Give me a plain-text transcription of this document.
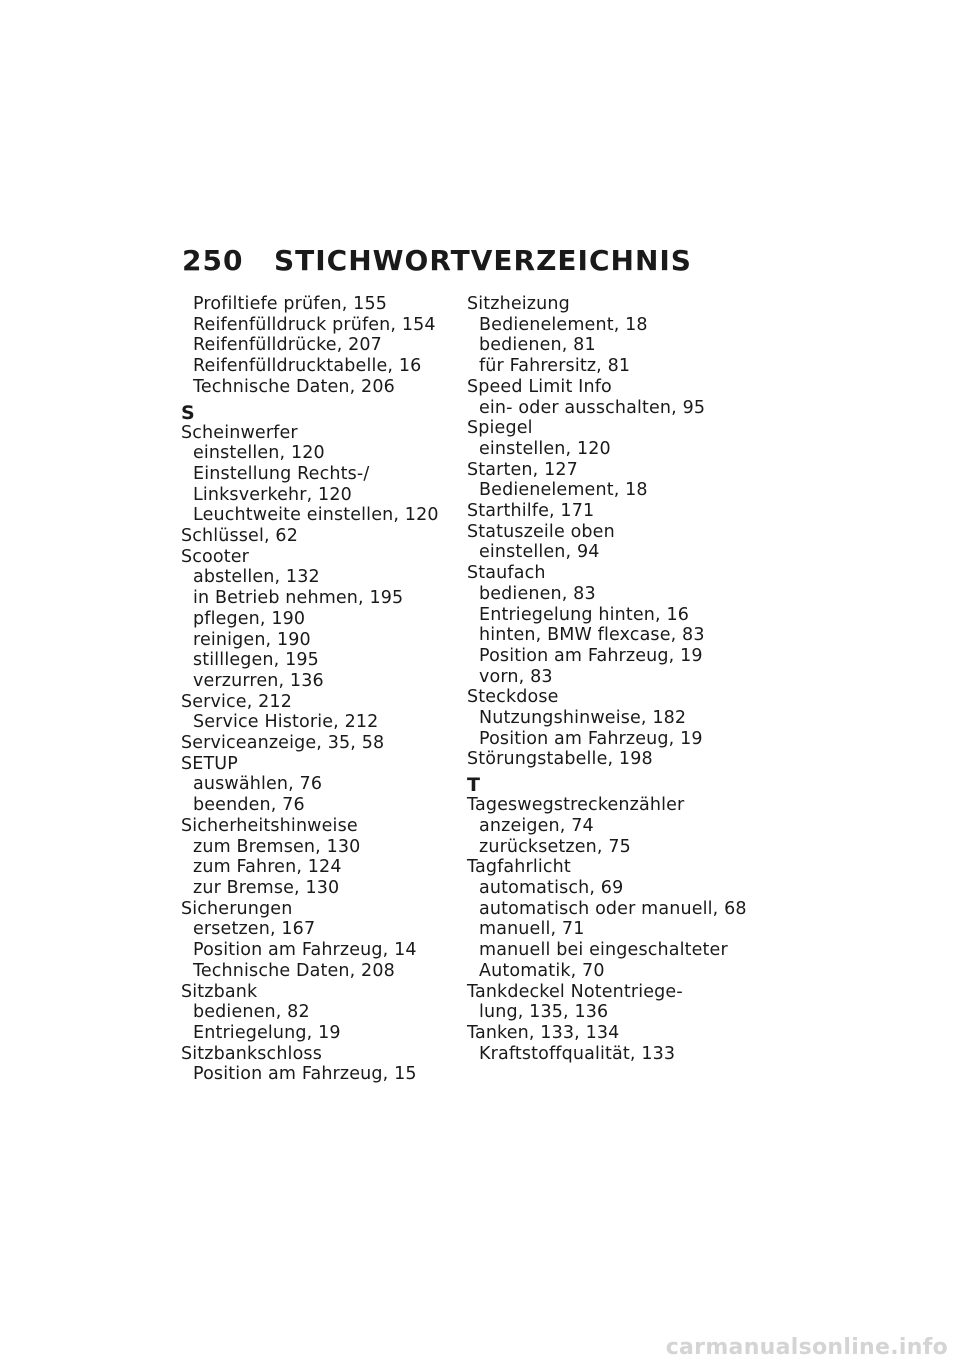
250 STICHWORTVERZEICHNIS
Profiltiefe prüfen, 155
Reifenfülldruck prüfen, 154
Reifenfülldrücke, 207
Reifenfülldrucktabelle, 16
Technische Daten, 206
S
Scheinwerfer
einstellen, 120
Einstellung Rechts-/
Linksverkehr, 120
Leuchtweite einstellen, 120
Schlüssel, 62
Scooter
abstellen, 132
in Betrieb nehmen, 195
pflegen, 190
reinigen, 190
stilllegen, 195
verzurren, 136
Service, 212
Service Historie, 212
Serviceanzeige, 35, 58
SETUP
auswählen, 76
beenden, 76
Sicherheitshinweise
zum Bremsen, 130
zum Fahren, 124
zur Bremse, 130
Sicherungen
ersetzen, 167
Position am Fahrzeug, 14
Technische Daten, 208
Sitzbank
bedienen, 82
Entriegelung, 19
Sitzbankschloss
Position am Fahrzeug, 15
Sitzheizung
Bedienelement, 18
bedienen, 81
für Fahrersitz, 81
Speed Limit Info
ein- oder ausschalten, 95
Spiegel
einstellen, 120
Starten, 127
Bedienelement, 18
Starthilfe, 171
Statuszeile oben
einstellen, 94
Staufach
bedienen, 83
Entriegelung hinten, 16
hinten, BMW flexcase, 83
Position am Fahrzeug, 19
vorn, 83
Steckdose
Nutzungshinweise, 182
Position am Fahrzeug, 19
Störungstabelle, 198
T
Tageswegstreckenzähler
anzeigen, 74
zurücksetzen, 75
Tagfahrlicht
automatisch, 69
automatisch oder manuell, 68
manuell, 71
manuell bei eingeschalteter
Automatik, 70
Tankdeckel Notentriege-
lung, 135, 136
Tanken, 133, 134
Kraftstoffqualität, 133
carmanualsonline.info
